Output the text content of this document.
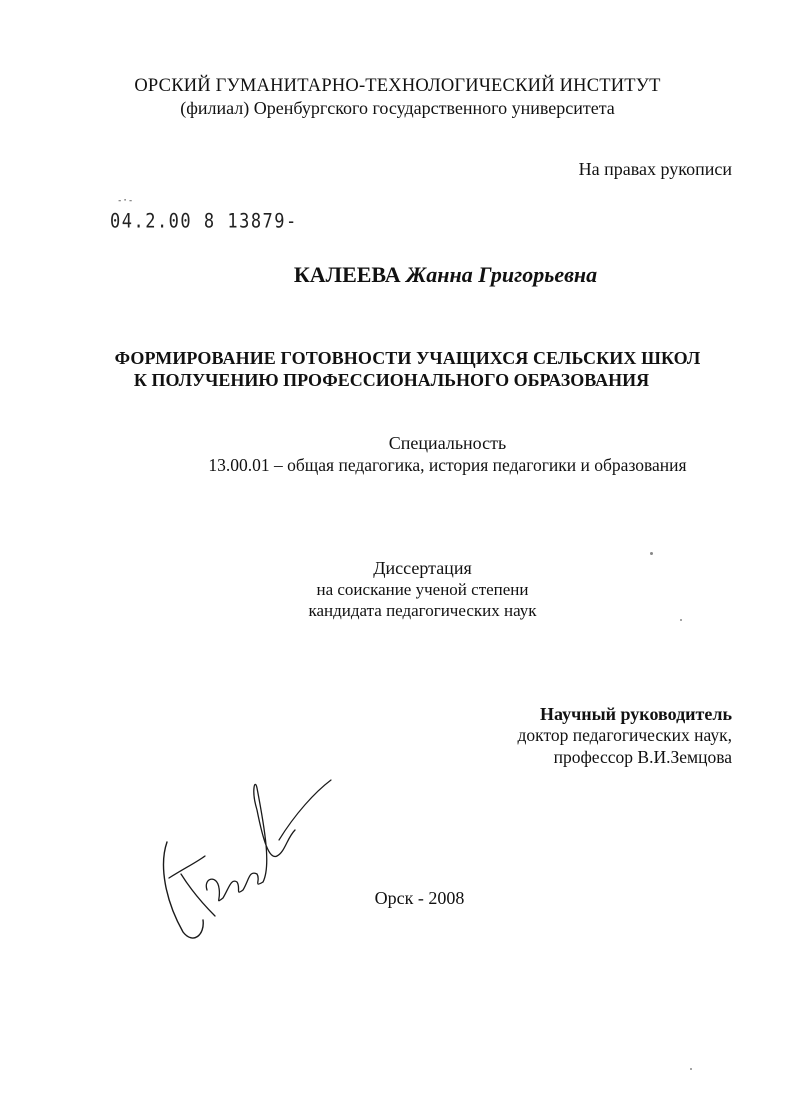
ОРСКИЙ ГУМАНИТАРНО-ТЕХНОЛОГИЧЕСКИЙ ИНСТИТУТ
(филиал) Оренбургского государственного университета
На правах рукописи
-·-
04.2.00 8 13879-
КАЛЕЕВА Жанна Григорьевна
ФОРМИРОВАНИЕ ГОТОВНОСТИ УЧАЩИХСЯ СЕЛЬСКИХ ШКОЛ
К ПОЛУЧЕНИЮ ПРОФЕССИОНАЛЬНОГО ОБРАЗОВАНИЯ
Специальность
13.00.01 – общая педагогика, история педагогики и образования
Диссертация
на соискание ученой степени
кандидата педагогических наук
Научный руководитель
доктор педагогических наук,
профессор В.И.Земцова
Орск - 2008
